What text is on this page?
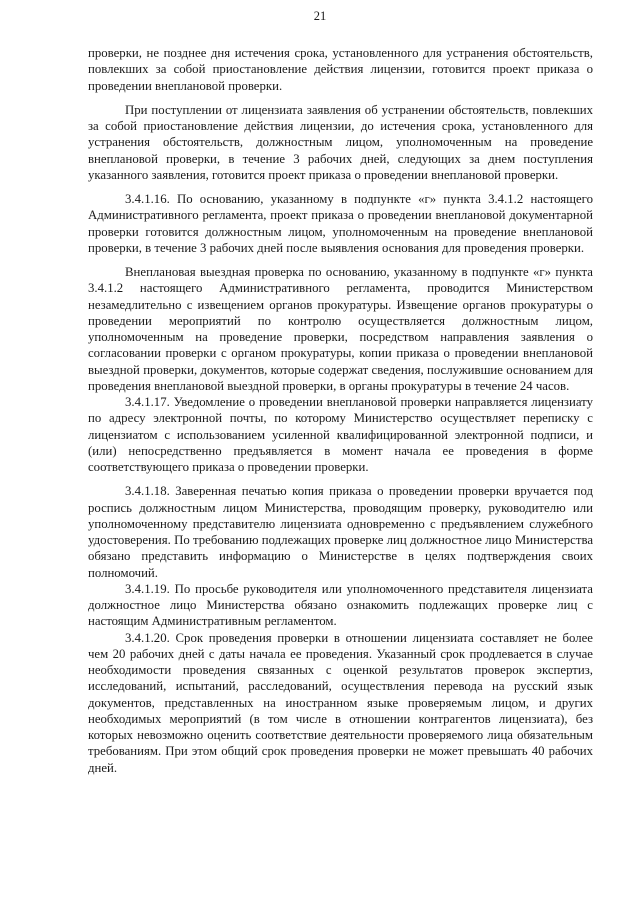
21

проверки, не позднее дня истечения срока, установленного для устранения обстоятельств, повлекших за собой приостановление действия лицензии, готовится проект приказа о проведении внеплановой проверки.

При поступлении от лицензиата заявления об устранении обстоятельств, повлекших за собой приостановление действия лицензии, до истечения срока, установленного для устранения обстоятельств, должностным лицом, уполномоченным на проведение внеплановой проверки, в течение 3 рабочих дней, следующих за днем поступления указанного заявления, готовится проект приказа о проведении внеплановой проверки.

3.4.1.16. По основанию, указанному в подпункте «г» пункта 3.4.1.2 настоящего Административного регламента, проект приказа о проведении внеплановой документарной проверки готовится должностным лицом, уполномоченным на проведение внеплановой проверки, в течение 3 рабочих дней после выявления основания для проведения проверки.

Внеплановая выездная проверка по основанию, указанному в подпункте «г» пункта 3.4.1.2 настоящего Административного регламента, проводится Министерством незамедлительно с извещением органов прокуратуры. Извещение органов прокуратуры о проведении мероприятий по контролю осуществляется должностным лицом, уполномоченным на проведение проверки, посредством направления заявления о согласовании проверки с органом прокуратуры, копии приказа о проведении внеплановой выездной проверки, документов, которые содержат сведения, послужившие основанием для проведения внеплановой выездной проверки, в органы прокуратуры в течение 24 часов.

3.4.1.17. Уведомление о проведении внеплановой проверки направляется лицензиату по адресу электронной почты, по которому Министерство осуществляет переписку с лицензиатом с использованием усиленной квалифицированной электронной подписи, и (или) непосредственно предъявляется в момент начала ее проведения в форме соответствующего приказа о проведении проверки.

3.4.1.18. Заверенная печатью копия приказа о проведении проверки вручается под роспись должностным лицом Министерства, проводящим проверку, руководителю или уполномоченному представителю лицензиата одновременно с предъявлением служебного удостоверения. По требованию подлежащих проверке лиц должностное лицо Министерства обязано представить информацию о Министерстве в целях подтверждения своих полномочий.

3.4.1.19. По просьбе руководителя или уполномоченного представителя лицензиата должностное лицо Министерства обязано ознакомить подлежащих проверке лиц с настоящим Административным регламентом.

3.4.1.20. Срок проведения проверки в отношении лицензиата составляет не более чем 20 рабочих дней с даты начала ее проведения. Указанный срок продлевается в случае необходимости проведения связанных с оценкой результатов проверок экспертиз, исследований, испытаний, расследований, осуществления перевода на русский язык документов, представленных на иностранном языке проверяемым лицом, и других необходимых мероприятий (в том числе в отношении контрагентов лицензиата), без которых невозможно оценить соответствие деятельности проверяемого лица обязательным требованиям. При этом общий срок проведения проверки не может превышать 40 рабочих дней.
